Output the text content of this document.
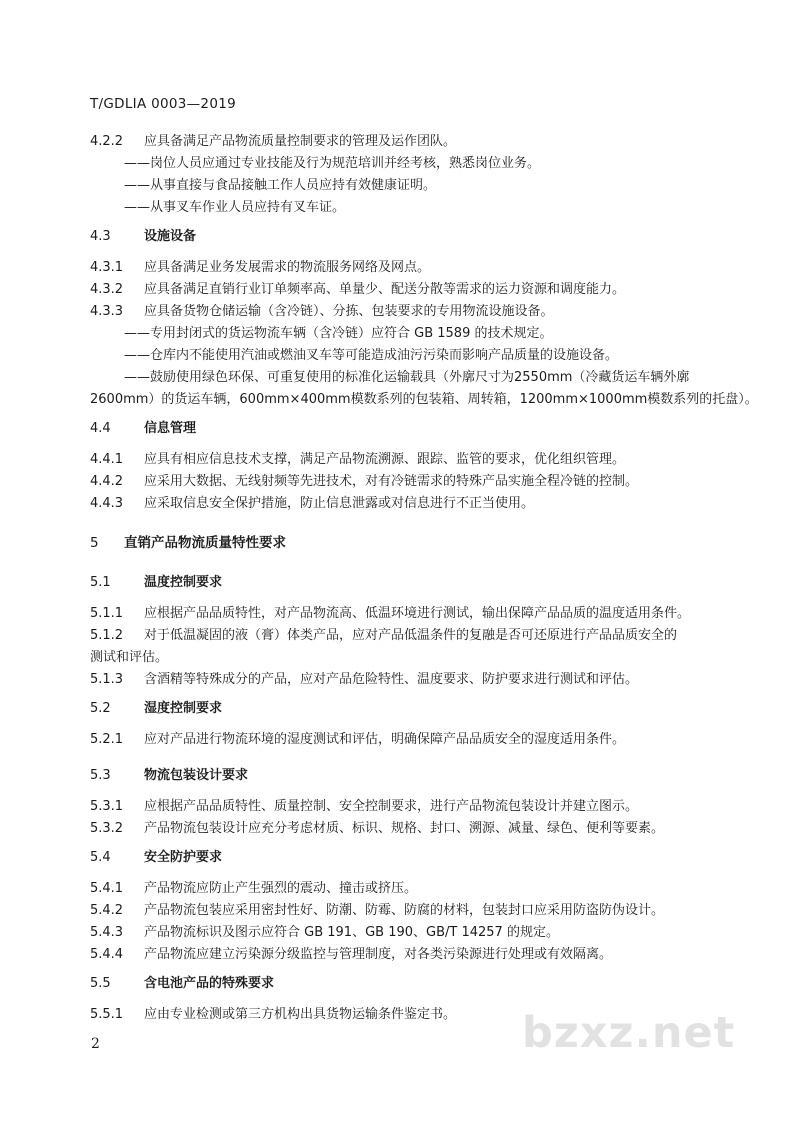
T/GDLIA 0003—2019
4.2.2 应具备满足产品物流质量控制要求的管理及运作团队。
——岗位人员应通过专业技能及行为规范培训并经考核，熟悉岗位业务。
——从事直接与食品接触工作人员应持有效健康证明。
——从事叉车作业人员应持有叉车证。
4.3	设施设备
4.3.1 应具备满足业务发展需求的物流服务网络及网点。
4.3.2 应具备满足直销行业订单频率高、单量少、配送分散等需求的运力资源和调度能力。
4.3.3 应具备货物仓储运输（含冷链）、分拣、包装要求的专用物流设施设备。
——专用封闭式的货运物流车辆（含冷链）应符合 GB 1589 的技术规定。
——仓库内不能使用汽油或燃油叉车等可能造成油污污染而影响产品质量的设施设备。
——鼓励使用绿色环保、可重复使用的标准化运输载具（外廓尺寸为2550mm（冷藏货运车辆外廓
2600mm）的货运车辆，600mm×400mm模数系列的包装箱、周转箱，1200mm×1000mm模数系列的托盘）。
4.4	信息管理
4.4.1 应具有相应信息技术支撑，满足产品物流溯源、跟踪、监管的要求，优化组织管理。
4.4.2 应采用大数据、无线射频等先进技术，对有冷链需求的特殊产品实施全程冷链的控制。
4.4.3 应采取信息安全保护措施，防止信息泄露或对信息进行不正当使用。
5 直销产品物流质量特性要求
5.1	温度控制要求
5.1.1 应根据产品品质特性，对产品物流高、低温环境进行测试，输出保障产品品质的温度适用条件。
5.1.2 对于低温凝固的液（膏）体类产品，应对产品低温条件的复融是否可还原进行产品品质安全的
测试和评估。
5.1.3 含酒精等特殊成分的产品，应对产品危险特性、温度要求、防护要求进行测试和评估。
5.2	湿度控制要求
5.2.1 应对产品进行物流环境的湿度测试和评估，明确保障产品品质安全的湿度适用条件。
5.3	物流包装设计要求
5.3.1 应根据产品品质特性、质量控制、安全控制要求，进行产品物流包装设计并建立图示。
5.3.2 产品物流包装设计应充分考虑材质、标识、规格、封口、溯源、减量、绿色、便利等要素。
5.4	安全防护要求
5.4.1 产品物流应防止产生强烈的震动、撞击或挤压。
5.4.2 产品物流包装应采用密封性好、防潮、防霉、防腐的材料，包装封口应采用防盗防伪设计。
5.4.3 产品物流标识及图示应符合 GB 191、GB 190、GB/T 14257 的规定。
5.4.4 产品物流应建立污染源分级监控与管理制度，对各类污染源进行处理或有效隔离。
5.5	含电池产品的特殊要求
5.5.1 应由专业检测或第三方机构出具货物运输条件鉴定书。
2	bzxz.net
